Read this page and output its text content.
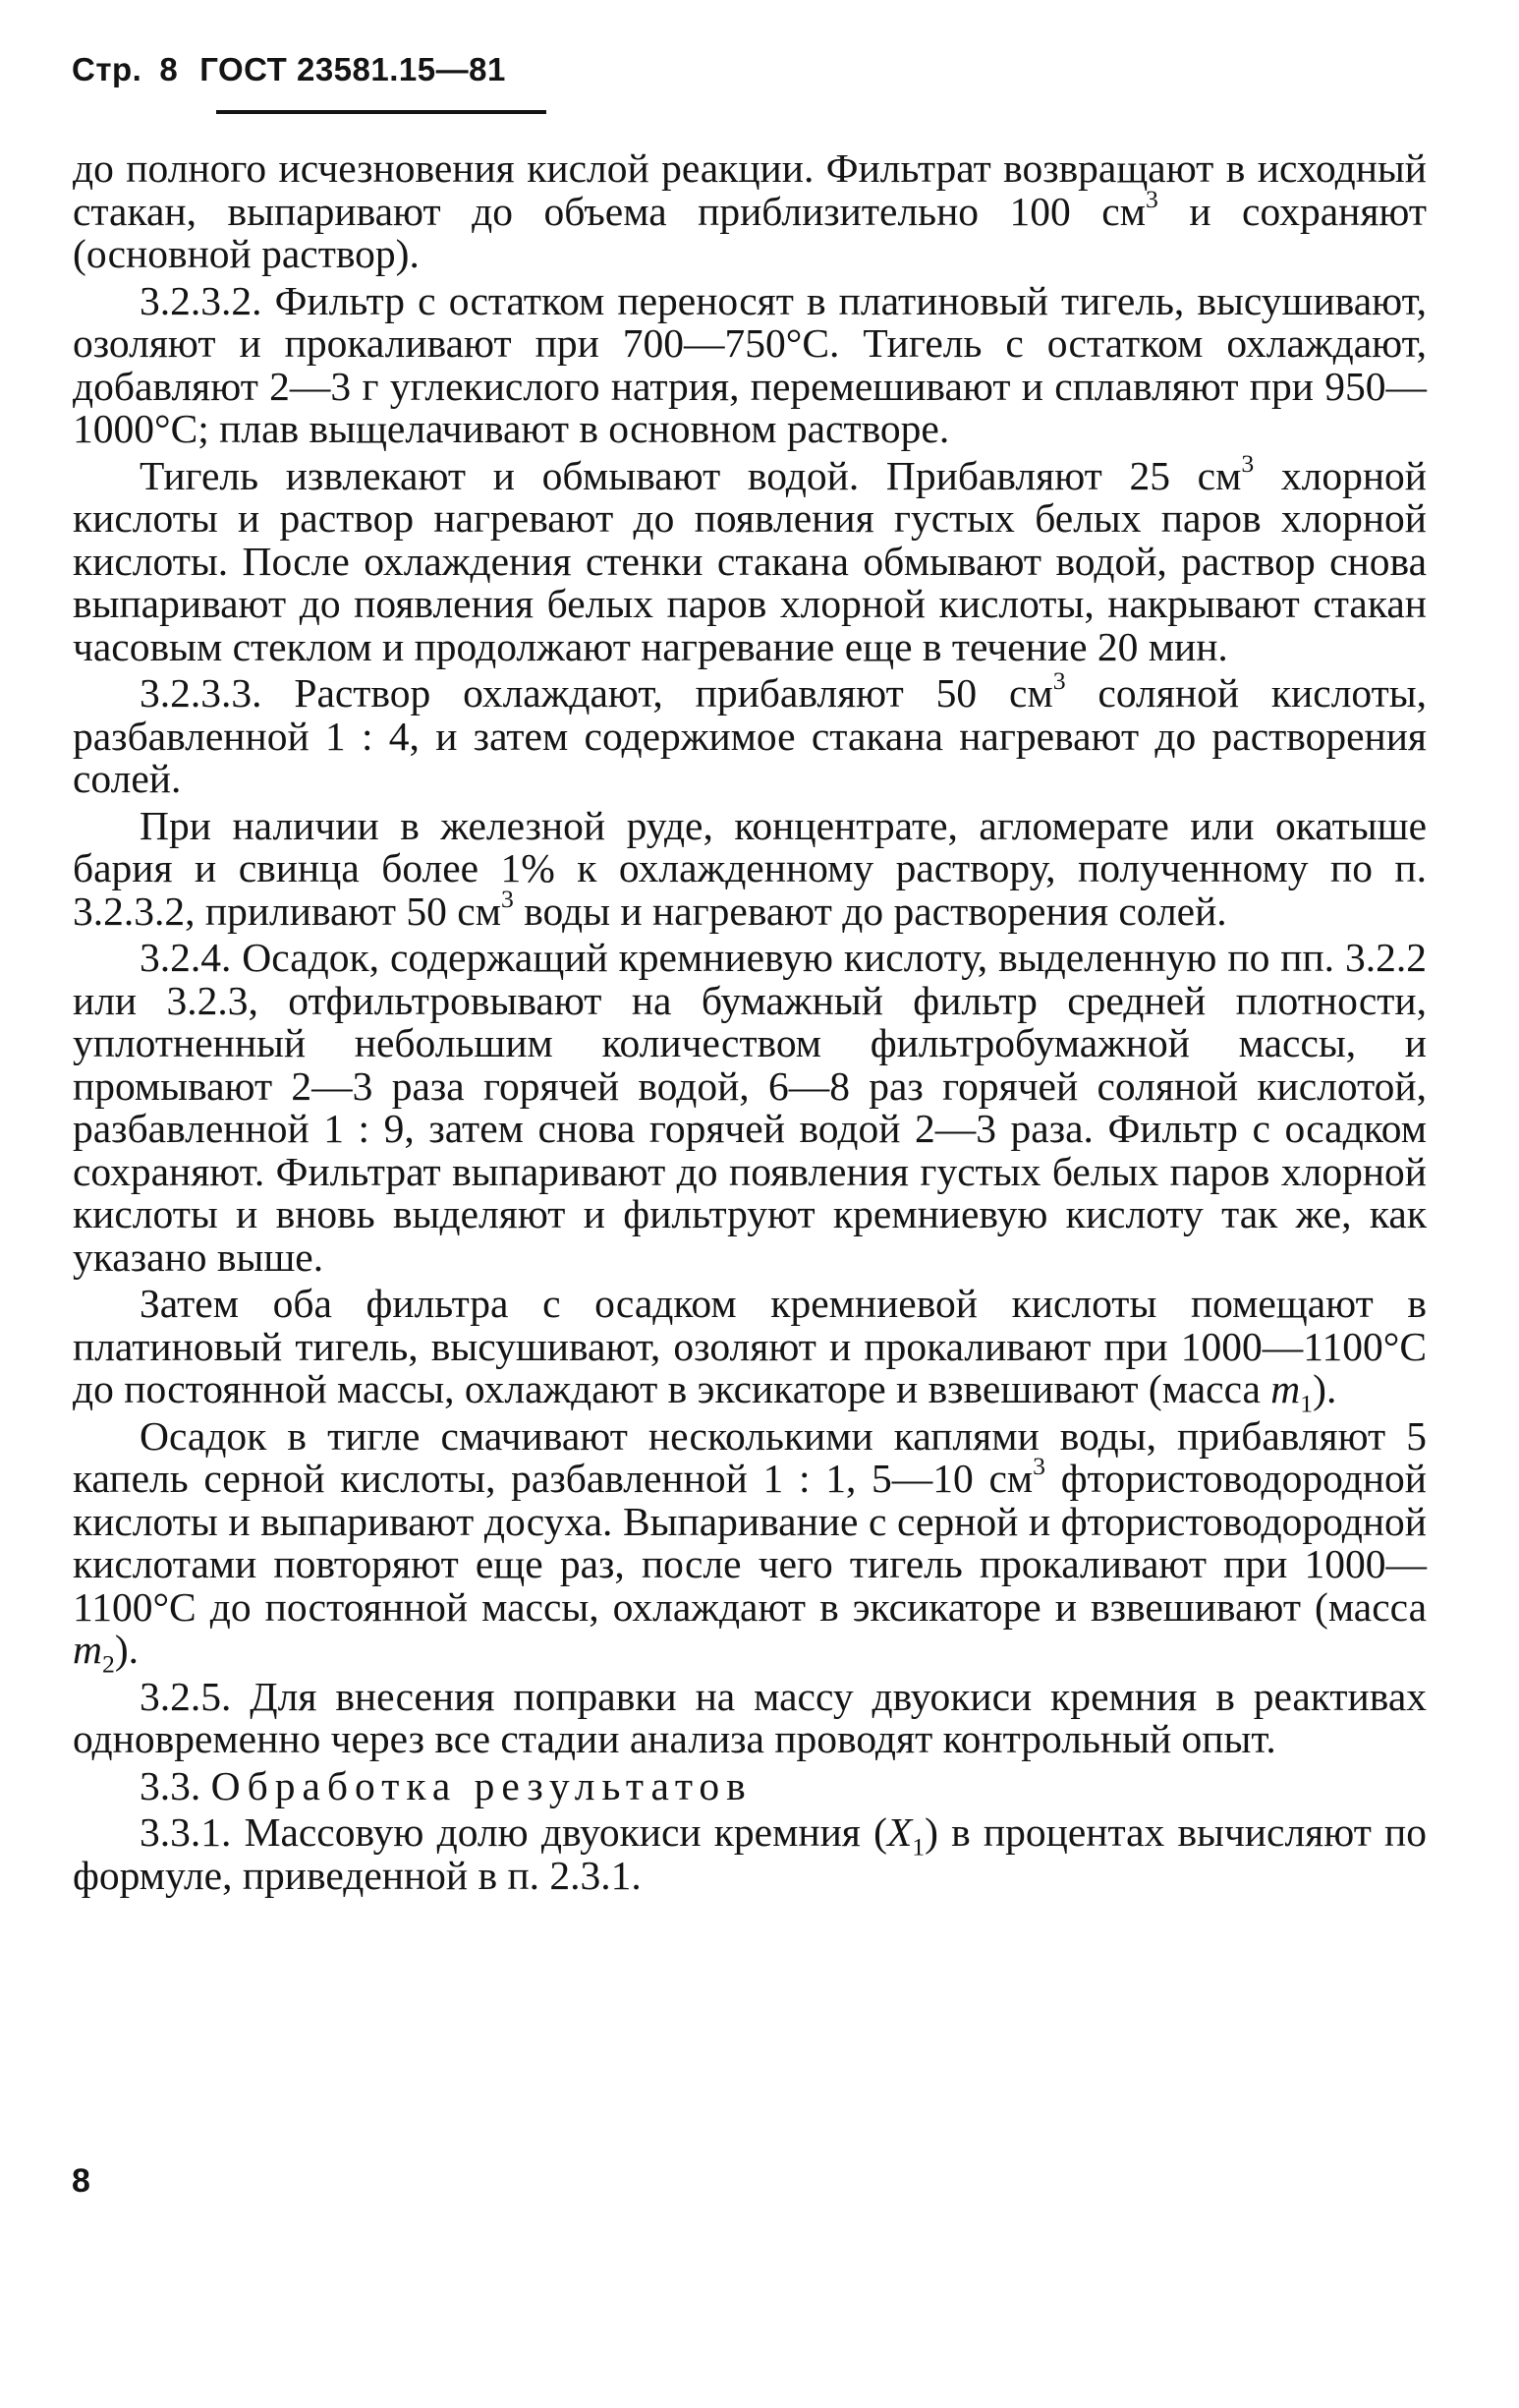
Стр. 8 ГОСТ 23581.15—81

до полного исчезновения кислой реакции. Фильтрат возвращают в исходный стакан, выпаривают до объема приблизительно 100 $см^3$ и сохраняют (основной раствор).

3.2.3.2. Фильтр с остатком переносят в платиновый тигель, высушивают, озоляют и прокаливают при 700—750°С. Тигель с остатком охлаждают, добавляют 2—3 г углекислого натрия, перемешивают и сплавляют при 950—1000°С; плав выщелачивают в основном растворе.

Тигель извлекают и обмывают водой. Прибавляют 25 $см^3$ хлорной кислоты и раствор нагревают до появления густых белых паров хлорной кислоты. После охлаждения стенки стакана обмывают водой, раствор снова выпаривают до появления белых паров хлорной кислоты, накрывают стакан часовым стеклом и продолжают нагревание еще в течение 20 мин.

3.2.3.3. Раствор охлаждают, прибавляют 50 $см^3$ соляной кислоты, разбавленной 1 : 4, и затем содержимое стакана нагревают до растворения солей.

При наличии в железной руде, концентрате, агломерате или окатыше бария и свинца более 1% к охлажденному раствору, полученному по п. 3.2.3.2, приливают 50 $см^3$ воды и нагревают до растворения солей.

3.2.4. Осадок, содержащий кремниевую кислоту, выделенную по пп. 3.2.2 или 3.2.3, отфильтровывают на бумажный фильтр средней плотности, уплотненный небольшим количеством фильтробумажной массы, и промывают 2—3 раза горячей водой, 6—8 раз горячей соляной кислотой, разбавленной 1 : 9, затем снова горячей водой 2—3 раза. Фильтр с осадком сохраняют. Фильтрат выпаривают до появления густых белых паров хлорной кислоты и вновь выделяют и фильтруют кремниевую кислоту так же, как указано выше.

Затем оба фильтра с осадком кремниевой кислоты помещают в платиновый тигель, высушивают, озоляют и прокаливают при 1000—1100°С до постоянной массы, охлаждают в эксикаторе и взвешивают (масса $m_1$).

Осадок в тигле смачивают несколькими каплями воды, прибавляют 5 капель серной кислоты, разбавленной 1 : 1, 5—10 $см^3$ фтористоводородной кислоты и выпаривают досуха. Выпаривание с серной и фтористоводородной кислотами повторяют еще раз, после чего тигель прокаливают при 1000—1100°С до постоянной массы, охлаждают в эксикаторе и взвешивают (масса $m_2$).

3.2.5. Для внесения поправки на массу двуокиси кремния в реактивах одновременно через все стадии анализа проводят контрольный опыт.

3.3. Обработка результатов

3.3.1. Массовую долю двуокиси кремния $(X_1)$ в процентах вычисляют по формуле, приведенной в п. 2.3.1.

8
